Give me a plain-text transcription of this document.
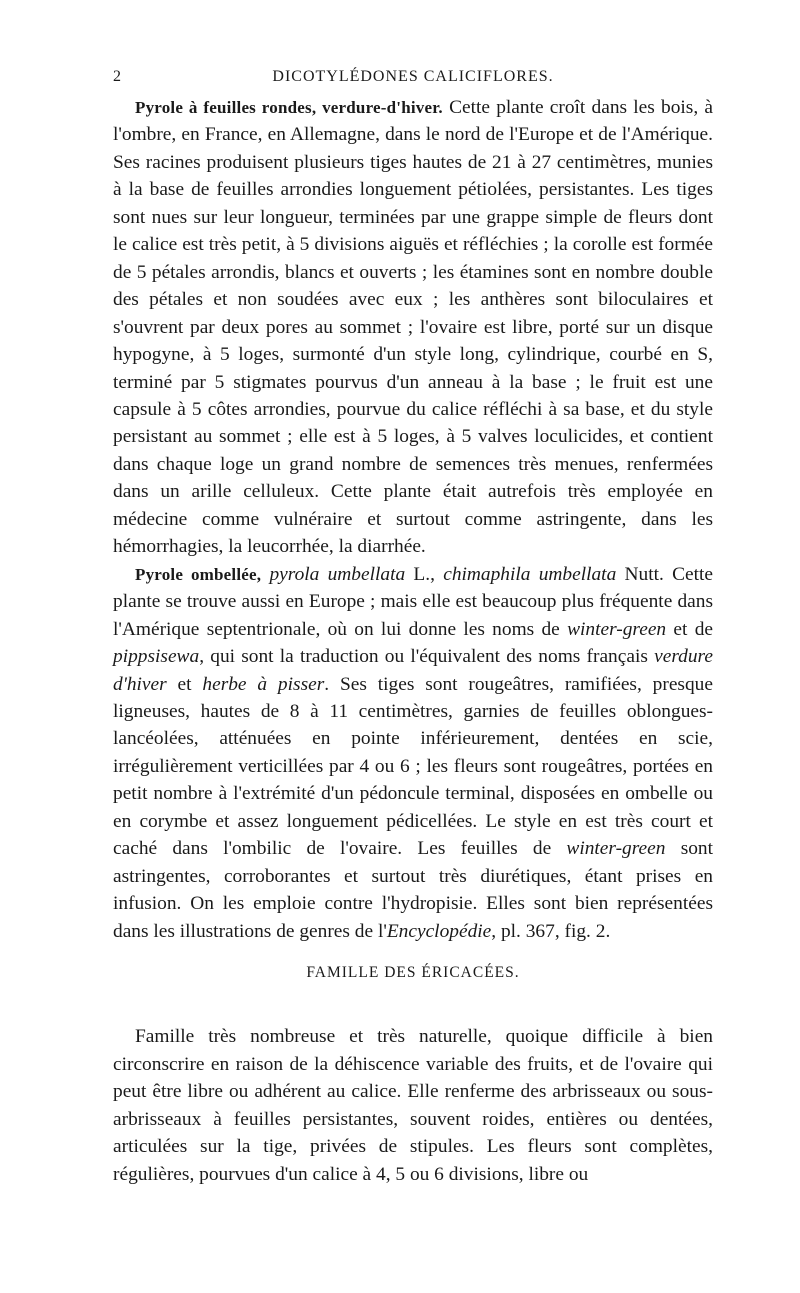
2	DICOTYLÉDONES CALICIFLORES.

Pyrole à feuilles rondes, verdure-d'hiver. Cette plante croît dans les bois, à l'ombre, en France, en Allemagne, dans le nord de l'Europe et de l'Amérique. Ses racines produisent plusieurs tiges hautes de 21 à 27 centimètres, munies à la base de feuilles arrondies longuement pétiolées, persistantes. Les tiges sont nues sur leur longueur, terminées par une grappe simple de fleurs dont le calice est très petit, à 5 divisions aiguës et réfléchies ; la corolle est formée de 5 pétales arrondis, blancs et ouverts ; les étamines sont en nombre double des pétales et non soudées avec eux ; les anthères sont biloculaires et s'ouvrent par deux pores au sommet ; l'ovaire est libre, porté sur un disque hypogyne, à 5 loges, surmonté d'un style long, cylindrique, courbé en S, terminé par 5 stigmates pourvus d'un anneau à la base ; le fruit est une capsule à 5 côtes arrondies, pourvue du calice réfléchi à sa base, et du style persistant au sommet ; elle est à 5 loges, à 5 valves loculicides, et contient dans chaque loge un grand nombre de semences très menues, renfermées dans un arille celluleux. Cette plante était autrefois très employée en médecine comme vulnéraire et surtout comme astringente, dans les hémorrhagies, la leucorrhée, la diarrhée.

Pyrole ombellée, pyrola umbellata L., chimaphila umbellata Nutt. Cette plante se trouve aussi en Europe ; mais elle est beaucoup plus fréquente dans l'Amérique septentrionale, où on lui donne les noms de winter-green et de pippsisewa, qui sont la traduction ou l'équivalent des noms français verdure d'hiver et herbe à pisser. Ses tiges sont rougeâtres, ramifiées, presque ligneuses, hautes de 8 à 11 centimètres, garnies de feuilles oblongues-lancéolées, atténuées en pointe inférieurement, dentées en scie, irrégulièrement verticillées par 4 ou 6 ; les fleurs sont rougeâtres, portées en petit nombre à l'extrémité d'un pédoncule terminal, disposées en ombelle ou en corymbe et assez longuement pédicellées. Le style en est très court et caché dans l'ombilic de l'ovaire. Les feuilles de winter-green sont astringentes, corroborantes et surtout très diurétiques, étant prises en infusion. On les emploie contre l'hydropisie. Elles sont bien représentées dans les illustrations de genres de l'Encyclopédie, pl. 367, fig. 2.

FAMILLE DES ÉRICACÉES.

Famille très nombreuse et très naturelle, quoique difficile à bien circonscrire en raison de la déhiscence variable des fruits, et de l'ovaire qui peut être libre ou adhérent au calice. Elle renferme des arbrisseaux ou sous-arbrisseaux à feuilles persistantes, souvent roides, entières ou dentées, articulées sur la tige, privées de stipules. Les fleurs sont complètes, régulières, pourvues d'un calice à 4, 5 ou 6 divisions, libre ou
